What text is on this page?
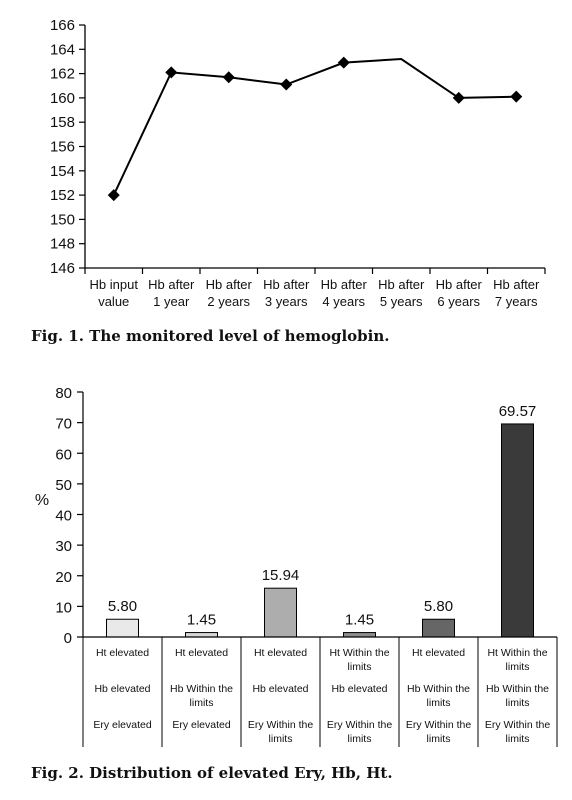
146
148
150
152
154
156
158
160
162
164
166
Hb input
value
Hb after
1 year
Hb after
2 years
Hb after
3 years
Hb after
4 years
Hb after
5 years
Hb after
6 years
Hb after
7 years

Fig. 1. The monitored level of hemoglobin.

0
10
20
30
40
50
60
70
80
%
5.80
1.45
15.94
1.45
5.80
69.57
Ht elevated
Hb elevated
Ery elevated
Ht elevated
Hb Within the
limits
Ery elevated
Ht elevated
Hb elevated
Ery Within the
limits
Ht Within the
limits
Hb elevated
Ery Within the
limits
Ht elevated
Hb Within the
limits
Ery Within the
limits
Ht Within the
limits
Hb Within the
limits
Ery Within the
limits

Fig. 2. Distribution of elevated Ery, Hb, Ht.
